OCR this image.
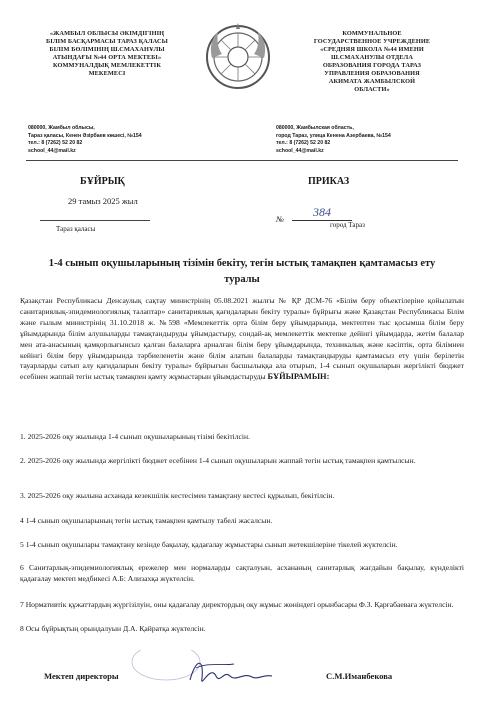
«ЖАМБЫЛ ОБЛЫСЫ ӘКІМДІГІНІҢ
БІЛІМ БАСҚАРМАСЫ ТАРАЗ ҚАЛАСЫ
БІЛІМ БӨЛІМІНІҢ Ш.СМАХАНҰЛЫ
АТЫНДАҒЫ №44 ОРТА МЕКТЕБІ»
КОММУНАЛДЫҚ МЕМЛЕКЕТТІК
МЕКЕМЕСІ
КОММУНАЛЬНОЕ
ГОСУДАРСТВЕННОЕ УЧРЕЖДЕНИЕ
«СРЕДНЯЯ ШКОЛА №44 ИМЕНИ
Ш.СМАХАНУЛЫ ОТДЕЛА
ОБРАЗОВАНИЯ ГОРОДА ТАРАЗ
УПРАВЛЕНИЯ ОБРАЗОВАНИЯ
АКИМАТА ЖАМБЫЛСКОЙ
ОБЛАСТИ»
080000, Жамбыл облысы,
Тараз қаласы, Кенен Әзірбаев көшесі, №154
тел.: 8 (7262) 52 20 82
school_44@mail.kz
080000, Жамбылская область,
город Тараз, улица Кенена Азербаева, №154
тел.: 8 (7262) 52 20 82
school_44@mail.kz
БҰЙРЫҚ	ПРИКАЗ
29 тамыз 2025 жыл
№	384
Тараз қаласы	город Тараз
1-4 сынып оқушыларының тізімін бекіту, тегін ыстық тамақпен қамтамасыз ету туралы
Қазақстан Республикасы Денсаулық сақтау министрінің 05.08.2021 жылғы № ҚР ДСМ-76 «Білім беру объектілеріне қойылатын санитариялық-эпидемиологиялық талаптар» санитариялық қағидаларын бекіту туралы» бұйрығы және Қазақстан Республикасы Білім және ғылым министрінің 31.10.2018 ж. №598 «Мемлекеттік орта білім беру ұйымдарында, мектептен тыс қосымша білім беру ұйымдарында білім алушыларды тамақтандыруды ұйымдастыру, сондай-ақ мемлекеттік мектепке дейінгі ұйымдарда, жетім балалар мен ата-анасының қамқорлығынсыз қалған балаларға арналған білім беру ұйымдарында, техникалық және кәсіптік, орта білімнен кейінгі білім беру ұйымдарында тәрбиеленетін және білім алатын балаларды тамақтандыруды қамтамасыз ету үшін берілетін тауарларды сатып алу қағидаларын бекіту туралы» бұйрығын басшылыққа ала отырып, 1-4 сынып оқушыларын жергілікті бюджет есебінен жаппай тегін ыстық тамақпен қамту жұмыстарын ұйымдастыруды БҰЙЫРАМЫН:
1. 2025-2026 оқу жылында 1-4 сынып оқушыларының тізімі бекітілсін.
2. 2025-2026 оқу жылында жергілікті бюджет есебінен 1-4 сынып оқушыларын жаппай тегін ыстық тамақпен қамтылсын.
3. 2025-2026 оқу жылына асханада кезекшілік кестесімен тамақтану кестесі құрылып, бекітілсін.
4 1-4 сынып оқушыларының тегін ыстық тамақпен қамтылу табелі жасалсын.
5 1-4 сынып оқушылары тамақтану кезінде бақылау, қадағалау жұмыстары сынып жетекшілеріне тікелей жүктелсін.
6 Санитарлық-эпидемиологиялық ережелер мен нормаларды сақталуын, асхананың санитарлық жағдайын бақылау, күнделікті қадағалау мектеп медбикесі А.Б: Ализахқа жүктелсін.
7 Нормативтік құжаттардың жүргізілуін, оны қадағалау директордың оқу жұмыс жөніндегі орынбасары Ф.З. Қарғабаеваға жүктелсін.
8 Осы бұйрықтың орындалуын Д.А. Қайратқа жүктелсін.
Мектеп директоры	С.М.Иманбекова
